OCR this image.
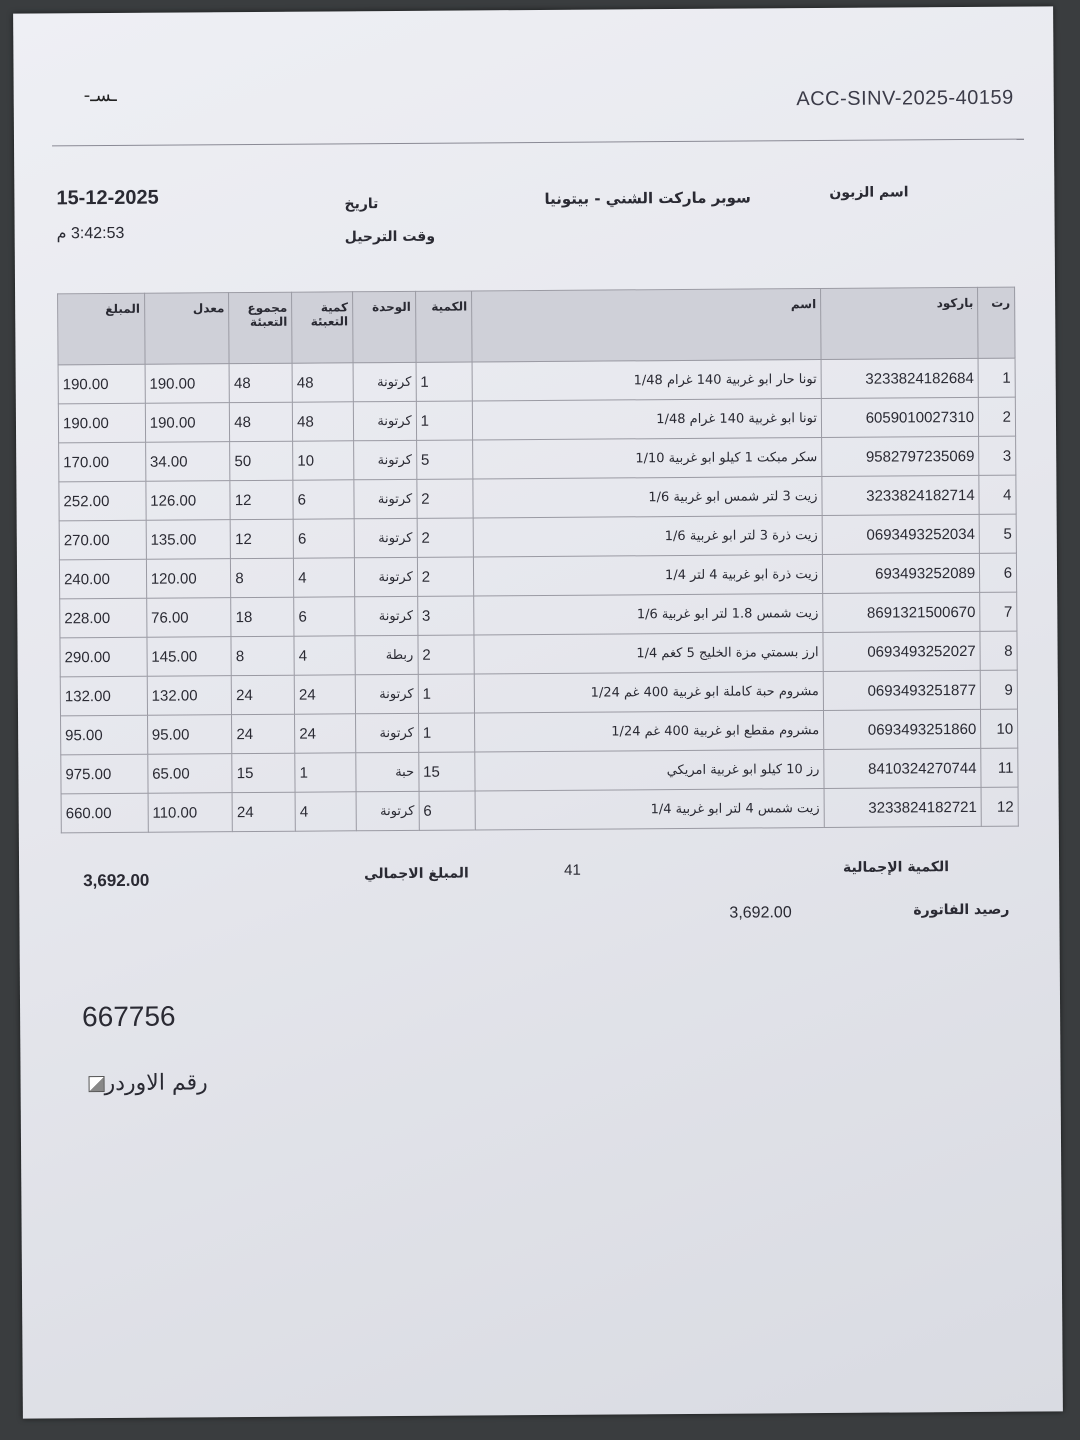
‑ـسـ	ACC-SINV-2025-40159
15-12-2025
3:42:53 م
تاريخ
وقت الترحيل
سوبر ماركت الشني - بيتونيا	اسم الزبون
رت	باركود	اسم	الكمية	الوحدة	كمية التعبئة	مجموع التعبئة	معدل	المبلغ
1	3233824182684	تونا حار ابو غربية 140 غرام 1/48	1	كرتونة	48	48	190.00	190.00
2	6059010027310	تونا ابو غربية 140 غرام 1/48	1	كرتونة	48	48	190.00	190.00
3	9582797235069	سكر مبكت 1 كيلو ابو غربية 1/10	5	كرتونة	10	50	34.00	170.00
4	3233824182714	زيت 3 لتر شمس ابو غربية 1/6	2	كرتونة	6	12	126.00	252.00
5	0693493252034	زيت ذرة 3 لتر ابو غربية 1/6	2	كرتونة	6	12	135.00	270.00
6	693493252089	زيت ذرة ابو غربية 4 لتر 1/4	2	كرتونة	4	8	120.00	240.00
7	8691321500670	زيت شمس 1.8 لتر ابو غربية 1/6	3	كرتونة	6	18	76.00	228.00
8	0693493252027	ارز بسمتي مزة الخليج 5 كغم 1/4	2	ربطة	4	8	145.00	290.00
9	0693493251877	مشروم حبة كاملة ابو غربية 400 غم 1/24	1	كرتونة	24	24	132.00	132.00
10	0693493251860	مشروم مقطع ابو غربية 400 غم 1/24	1	كرتونة	24	24	95.00	95.00
11	8410324270744	رز 10 كيلو ابو غربية امريكي	15	حبة	1	15	65.00	975.00
12	3233824182721	زيت شمس 4 لتر ابو غربية 1/4	6	كرتونة	4	24	110.00	660.00
الكمية الإجمالية
41
المبلغ الاجمالي
3,692.00
رصيد الفاتورة
3,692.00
667756
رقم الاوردر
